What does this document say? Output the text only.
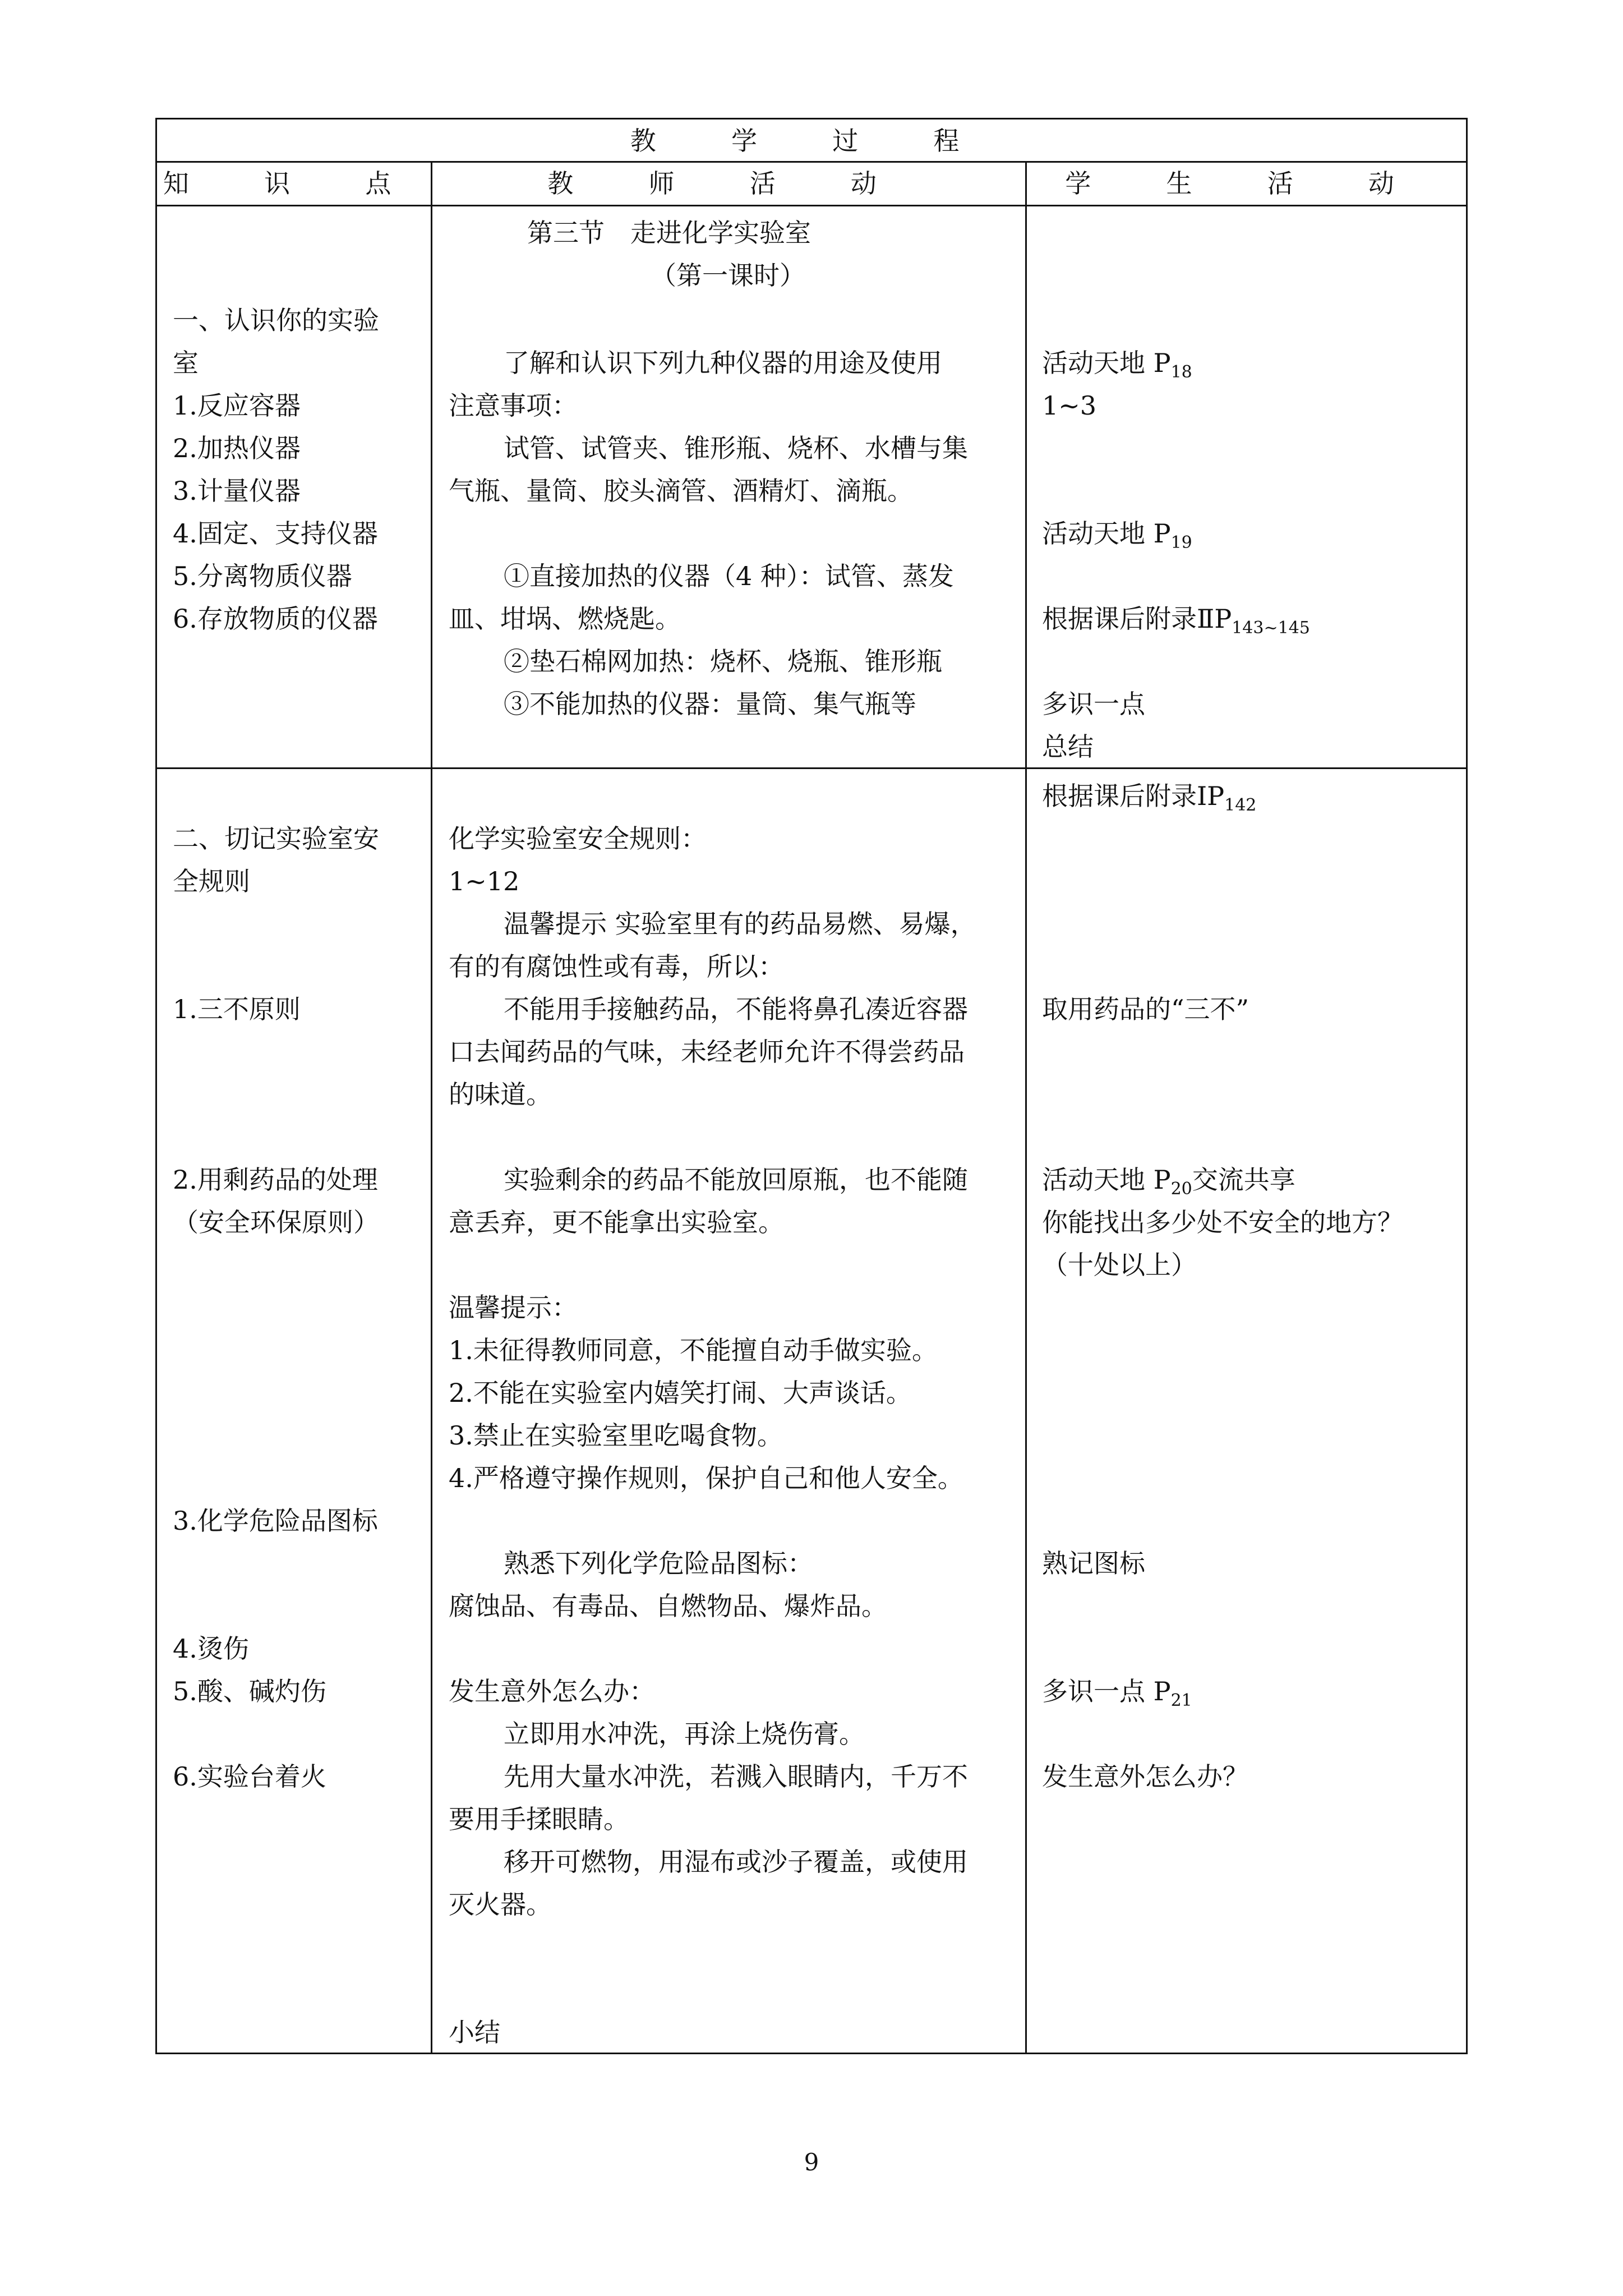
教 学 过 程
知 识 点	教 师 活 动	学 生 活 动
一、认识你的实验
室
1.反应容器
2.加热仪器
3.计量仪器
4.固定、支持仪器
5.分离物质仪器
6.存放物质的仪器
第三节　走进化学实验室
（第一课时）
了解和认识下列九种仪器的用途及使用
注意事项：
试管、试管夹、锥形瓶、烧杯、水槽与集
气瓶、量筒、胶头滴管、酒精灯、滴瓶。
①直接加热的仪器（4 种）：试管、蒸发
皿、坩埚、燃烧匙。
②垫石棉网加热：烧杯、烧瓶、锥形瓶
③不能加热的仪器：量筒、集气瓶等
活动天地 $P_{18}$
1~3
活动天地 $P_{19}$
根据课后附录$ⅡP_{143\sim 145}$
多识一点
总结
二、切记实验室安
全规则
1.三不原则
2.用剩药品的处理
（安全环保原则）
3.化学危险品图标
4.烫伤
5.酸、碱灼伤
6.实验台着火
化学实验室安全规则：
1~12
温馨提示 实验室里有的药品易燃、易爆，
有的有腐蚀性或有毒，所以：
不能用手接触药品，不能将鼻孔凑近容器
口去闻药品的气味，未经老师允许不得尝药品
的味道。
实验剩余的药品不能放回原瓶，也不能随
意丢弃，更不能拿出实验室。
温馨提示：
1.未征得教师同意，不能擅自动手做实验。
2.不能在实验室内嬉笑打闹、大声谈话。
3.禁止在实验室里吃喝食物。
4.严格遵守操作规则，保护自己和他人安全。
熟悉下列化学危险品图标：
腐蚀品、有毒品、自燃物品、爆炸品。
发生意外怎么办：
立即用水冲洗，再涂上烧伤膏。
先用大量水冲洗，若溅入眼睛内，千万不
要用手揉眼睛。
移开可燃物，用湿布或沙子覆盖，或使用
灭火器。
小结
根据课后附录$ⅠP_{142}$
取用药品的“三不”
活动天地 $P_{20}$交流共享
你能找出多少处不安全的地方？
（十处以上）
熟记图标
多识一点 $P_{21}$
发生意外怎么办？
9
